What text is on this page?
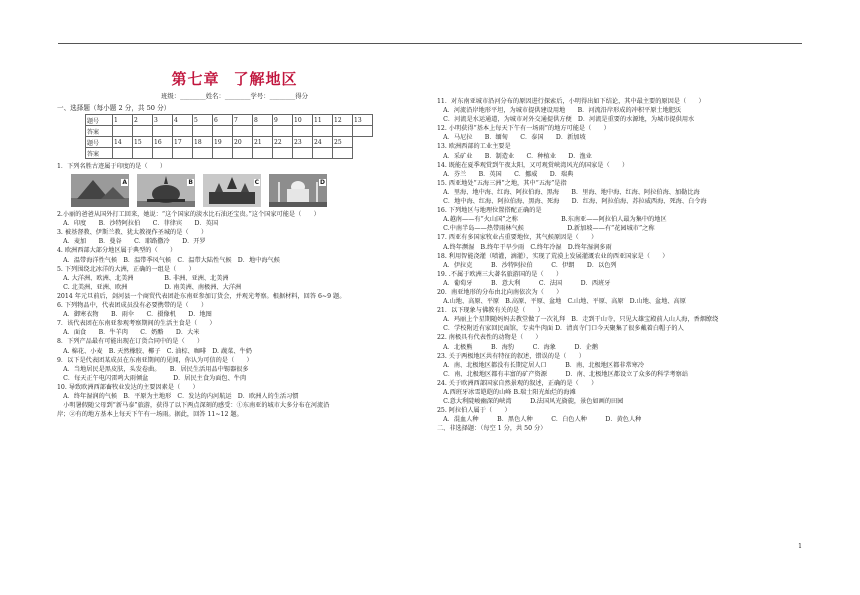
第七章 了解地区
班级：________姓名：________学号：________得分
一、选择题（每小题 2 分，共 50 分）
题号	1	2	3	4	5	6	7	8	9	10	11	12	13
答案													
题号	14	15	16	17	18	19	20	21	22	23	24	25	
答案													
1．下列名胜古迹属于印度的是（　　）
A	B	C	D
2.小丽的爸爸从国外打工回来，她说：“这个国家的淡水比石油还宝贵。”这个国家可能是（　　）
　A．印度　　B．沙特阿拉伯　　C．菲律宾　　D．英国
3. 被基督教、伊斯兰教、犹太教视作圣城的是（　　）
　A．麦加　　B．曼谷　　C．耶路撒冷　　D．开罗
4. 欧洲西部大部分地区属于典型的（　　）
　A．温带海洋性气候　B．温带季风气候　C．温带大陆性气候　D．地中海气候
5. 下列围绕北冰洋的大洲，正确的一组是（　　）
　A. 大洋洲、欧洲、北美洲　　　　　B. 非洲、亚洲、北美洲
　C. 北美洲、亚洲、欧洲　　　　　　D. 南美洲、南极洲、大洋洲
2014 年元旦前后，剑河县一个商贸代表团赴东南亚参加订货会，并观光考察。根据材料，回答 6~9 题。
6. 下列物品中，代表团成员没有必要携带的是（　　）
　A．御寒衣物　　B．雨伞　　C．摄像机　　D．地图
7．该代表团在东南亚参观考察期间的生活主食是（　　）
　A．面食　　B．牛羊肉　　C．奶酪　　D．大米
8．下列产品最有可能出现在订货合同中的是（　　）
　A. 棉花、小麦　B. 天然橡胶、椰子　C. 油棕、咖啡　D. 蔬菜、牛奶
9．以下是代表团某成员在东南亚期间的见闻，你认为可信的是（　　）
　A．当地居民是黑皮肤，头发卷曲。　　B．居民生活用品中锡器很多
　C．每天正午电闪雷鸣大雨倾盆　　　　D．居民主食为面包、牛肉
10. 导致欧洲西部畜牧业发达的主要因素是（　　）
　A．终年湿润的气候　B．平原为主地形　C．发达的内河航运　D．欧洲人的生活习惯
　小明暑假随父母到“新马泰”旅游，获得了以下两点深刻的感受：①东南亚的城市大多分布在河流沿
岸；②有的地方基本上每天下午有一场雨。据此，回答 11~12 题。
11．对东南亚城市沿河分布的原因进行探索后，小明得出如下结论，其中最主要的原因是（　　）
　A．河流沿岸地形平坦，为城市提供建设用地　　B．河流沿岸形成的冲积平原土地肥沃
　C．河流是水运通道，为城市对外交通提供方便　D．河流是重要的水源地，为城市提供用水
12. 小明获得“基本上每天下午有一场雨”的地方可能是（　　）
　A．马尼拉　　B．缅甸　　C．泰国　　D．新加坡
13. 欧洲西部的工业主要是
　A．采矿业　　B．制造业　　C．种植业　　D．渔业
14. 既能在夏季观赏到午夜太阳，又可观赏峡湾风光的国家是（　　）
　A．芬兰　　B．英国　　C．挪威　　D．瑞典
15. 西亚地处“五海三洲”之地，其中“五海”是指
　A．里海、地中海、红海、阿拉伯海、黑海　　B．里海、地中海、红海、阿拉伯海、加勒比海
　C．地中海、红海、阿拉伯海、黑海、死海　　D．红海、阿拉伯海、苏拉威西海、死海、白令海
16. 下列地区与地理位置搭配正确的是
　A.越南——有“火山国”之称　　　　　　　B.东南亚——阿拉伯人最为集中的地区
　C.中南半岛——热带雨林气候　　　　　　　D.新加坡——有“花园城市”之称
17. 西亚有多国家牧业占重要地位，其气候原因是（　　）
　A.终年濒湿　B.终年干旱少雨　C.终年冷湿　D.终年湿润多雨
18. 利用智能浇灌（喷灌，滴灌），实现了荒漠上发展灌溉农业的西亚国家是（　　）
　A．伊拉克　　　B．沙特阿拉伯　　　C．伊朗　　D．以色列
19. .不属于欧洲三大著名旅游国的是（　　）
　A．葡萄牙　　　B．意大利　　　C．法国　　　D．西班牙
20．南亚地形的分布由北向南依次为（　　）
　A.山地、高原、平原　B.高原、平原、盆地　C.山地、平原、高原　D.山地、盆地、高原
21．以下现象与佛教有关的是（　　）
　A．玛丽上个星期随妈妈去教堂做了一次礼拜　B．走到干山寺，只见大雄宝殿前人山人海，香烟缭绕
　C．学校附近有家回民面馆，专卖牛肉面 D．清真寺门口今天聚集了很多戴着白帽子的人
22. 南极具有代表性的动物是（　　）
　A．北极熊　　　B．海豹　　　C．海象　　　D．企鹅
23. 关于两极地区共有特征的叙述，错误的是（　　）
　A．南、北极地区都没有长期定居人口　　　B．南、北极地区都非常寒冷
　C．南、北极地区都有丰富的矿产资源　　　D．南、北极地区都设立了众多的科学考察站
24. 关于欧洲西部国家自然景观的叙述，正确的是（　　）
　A.西班牙冰雪皑皑的山峰 B.瑞士阳光灿烂的海滩
　C.意大利陡峻幽深的峡湾　　　D.法国风光旖旎，景色如画的田园
25. 阿拉伯人属于（　　）
　A．混血人种　　　B．黑色人种　　　C．白色人种　　　D．黄色人种
二、非选择题：（每空 1 分，共 50 分）
1
